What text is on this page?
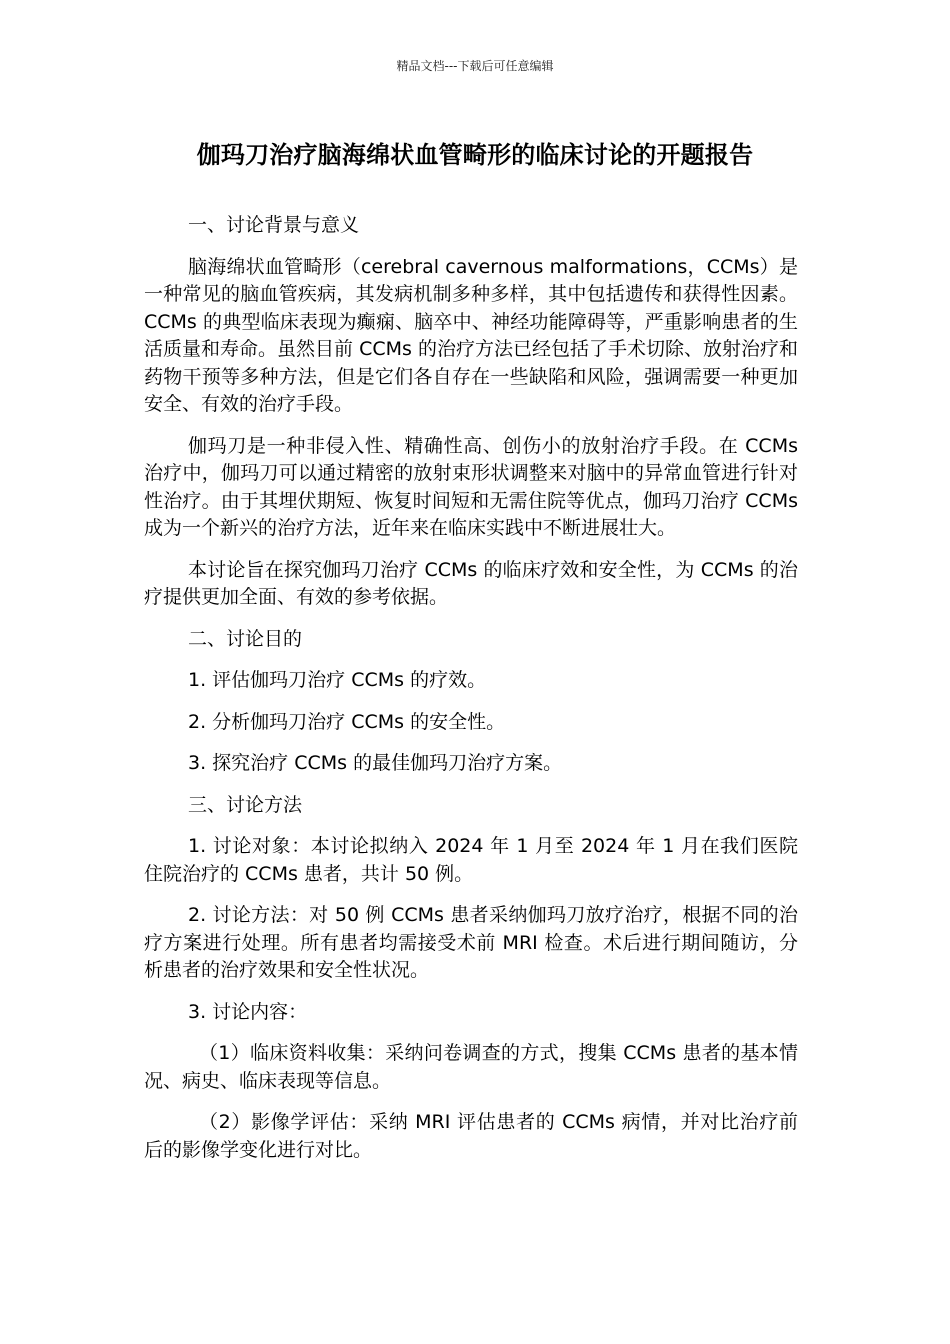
精品文档---下载后可任意编辑
伽玛刀治疗脑海绵状血管畸形的临床讨论的开题报告

一、讨论背景与意义

脑海绵状血管畸形（cerebral cavernous malformations，CCMs）是一种常见的脑血管疾病，其发病机制多种多样，其中包括遗传和获得性因素。CCMs 的典型临床表现为癫痫、脑卒中、神经功能障碍等，严重影响患者的生活质量和寿命。虽然目前 CCMs 的治疗方法已经包括了手术切除、放射治疗和药物干预等多种方法，但是它们各自存在一些缺陷和风险，强调需要一种更加安全、有效的治疗手段。

伽玛刀是一种非侵入性、精确性高、创伤小的放射治疗手段。在 CCMs 治疗中，伽玛刀可以通过精密的放射束形状调整来对脑中的异常血管进行针对性治疗。由于其埋伏期短、恢复时间短和无需住院等优点，伽玛刀治疗 CCMs 成为一个新兴的治疗方法，近年来在临床实践中不断进展壮大。

本讨论旨在探究伽玛刀治疗 CCMs 的临床疗效和安全性，为 CCMs 的治疗提供更加全面、有效的参考依据。

二、讨论目的

1. 评估伽玛刀治疗 CCMs 的疗效。

2. 分析伽玛刀治疗 CCMs 的安全性。

3. 探究治疗 CCMs 的最佳伽玛刀治疗方案。

三、讨论方法

1. 讨论对象：本讨论拟纳入 2024 年 1 月至 2024 年 1 月在我们医院住院治疗的 CCMs 患者，共计 50 例。

2. 讨论方法：对 50 例 CCMs 患者采纳伽玛刀放疗治疗，根据不同的治疗方案进行处理。所有患者均需接受术前 MRI 检查。术后进行期间随访，分析患者的治疗效果和安全性状况。

3. 讨论内容：

（1）临床资料收集：采纳问卷调查的方式，搜集 CCMs 患者的基本情况、病史、临床表现等信息。

（2）影像学评估：采纳 MRI 评估患者的 CCMs 病情，并对比治疗前后的影像学变化进行对比。
